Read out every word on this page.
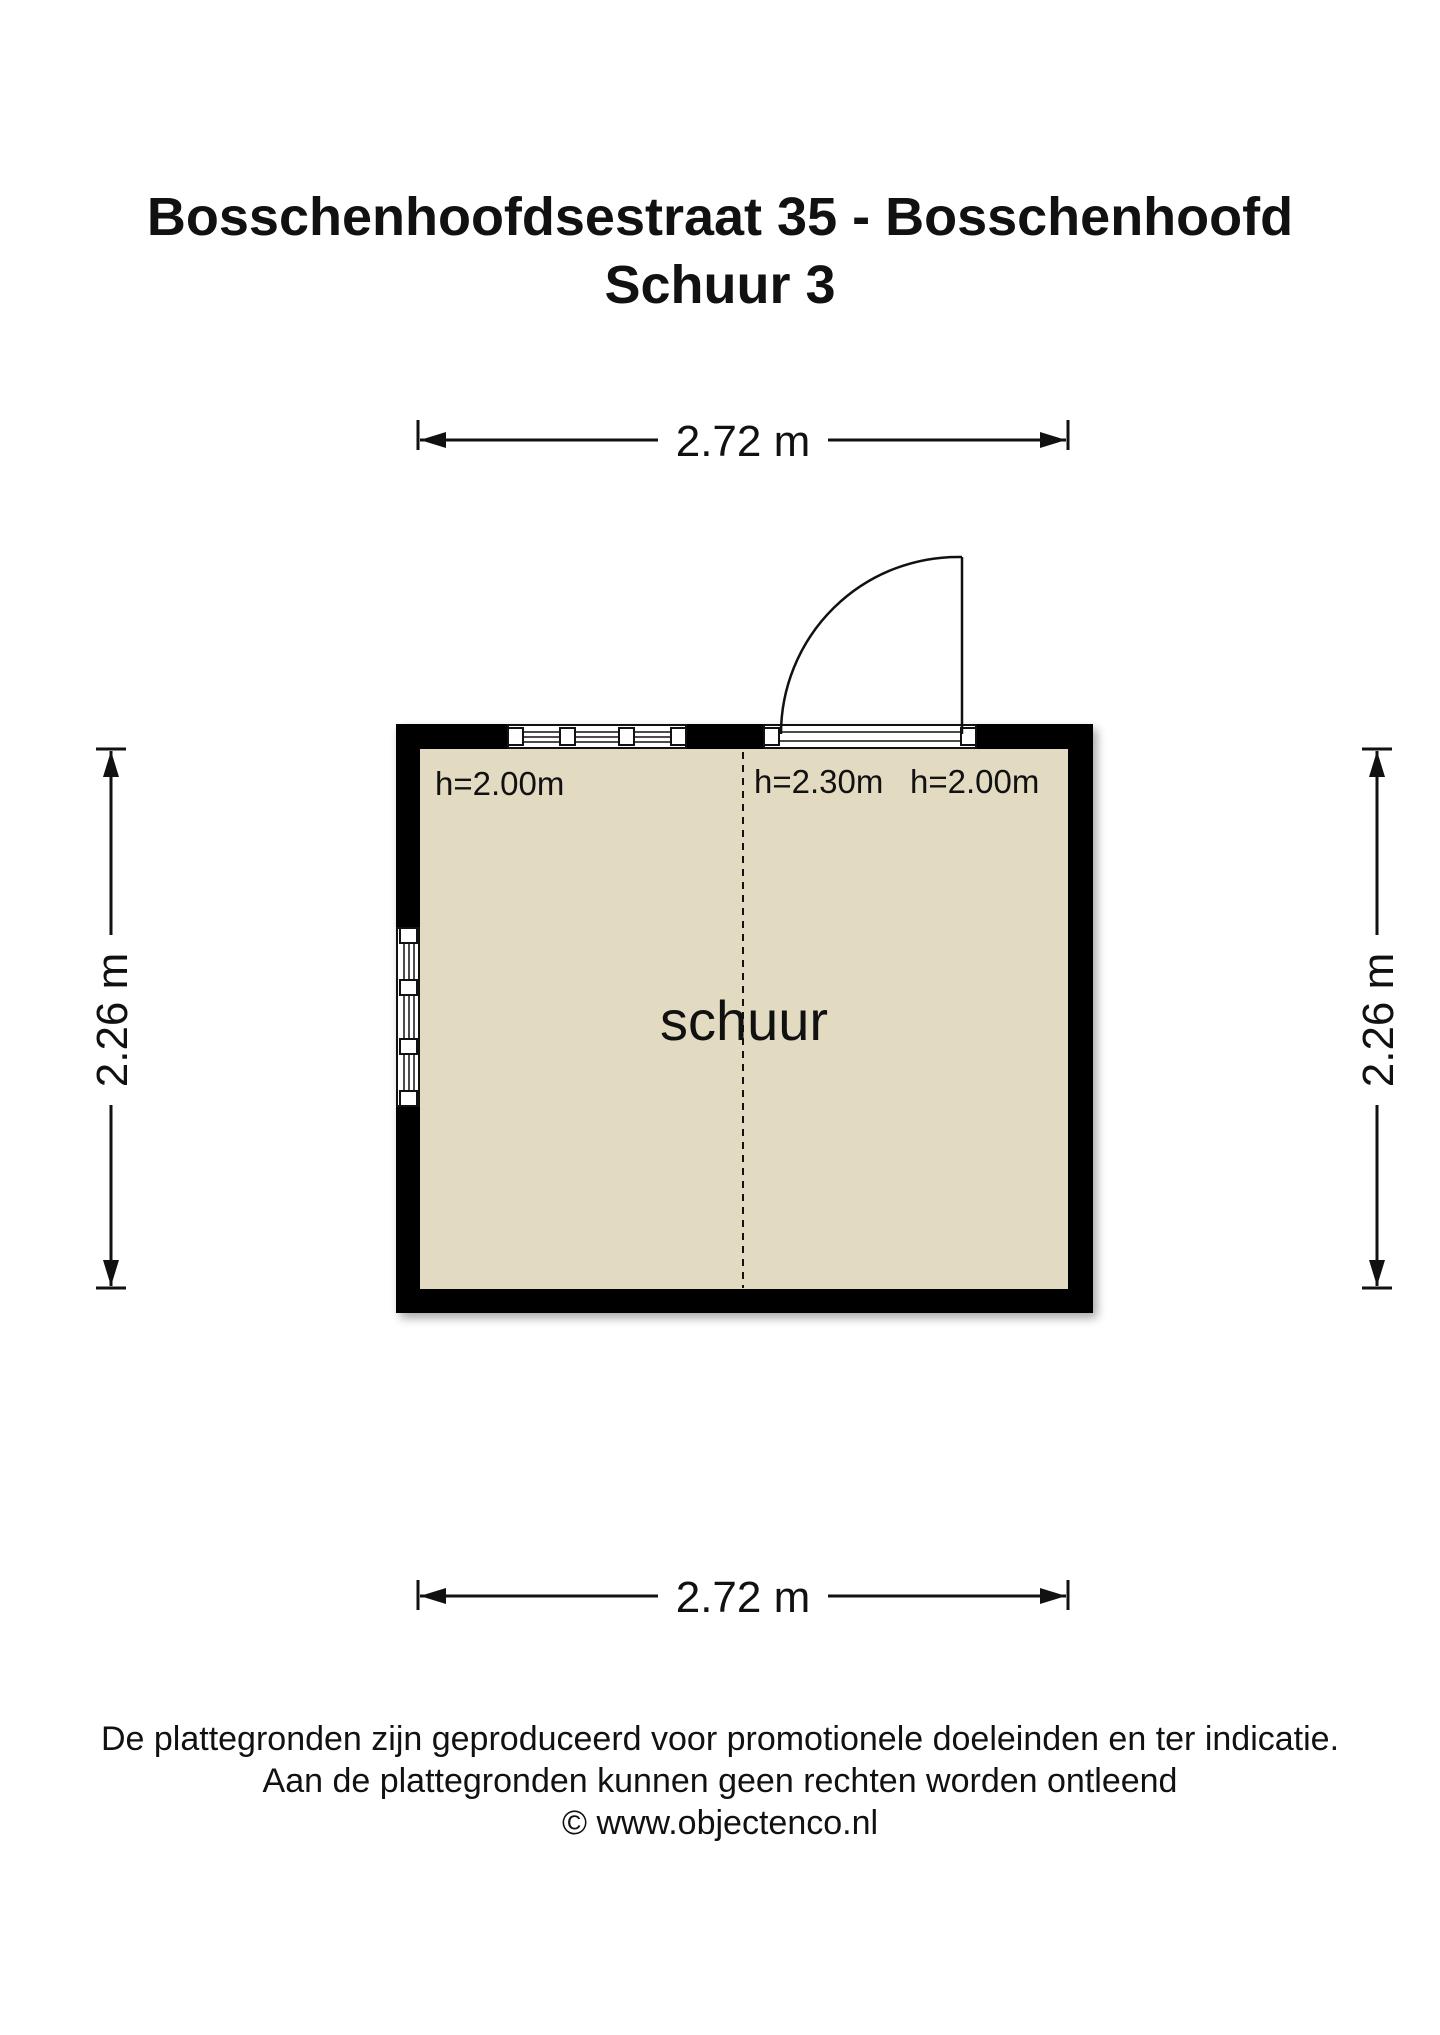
Bosschenhoofdsestraat 35 - Bosschenhoofd
Schuur 3
2.72 m
2.72 m
2.26 m	2.26 m
h=2.00m	h=2.30m h=2.00m
schuur
De plattegronden zijn geproduceerd voor promotionele doeleinden en ter indicatie.
Aan de plattegronden kunnen geen rechten worden ontleend
© www.objectenco.nl
